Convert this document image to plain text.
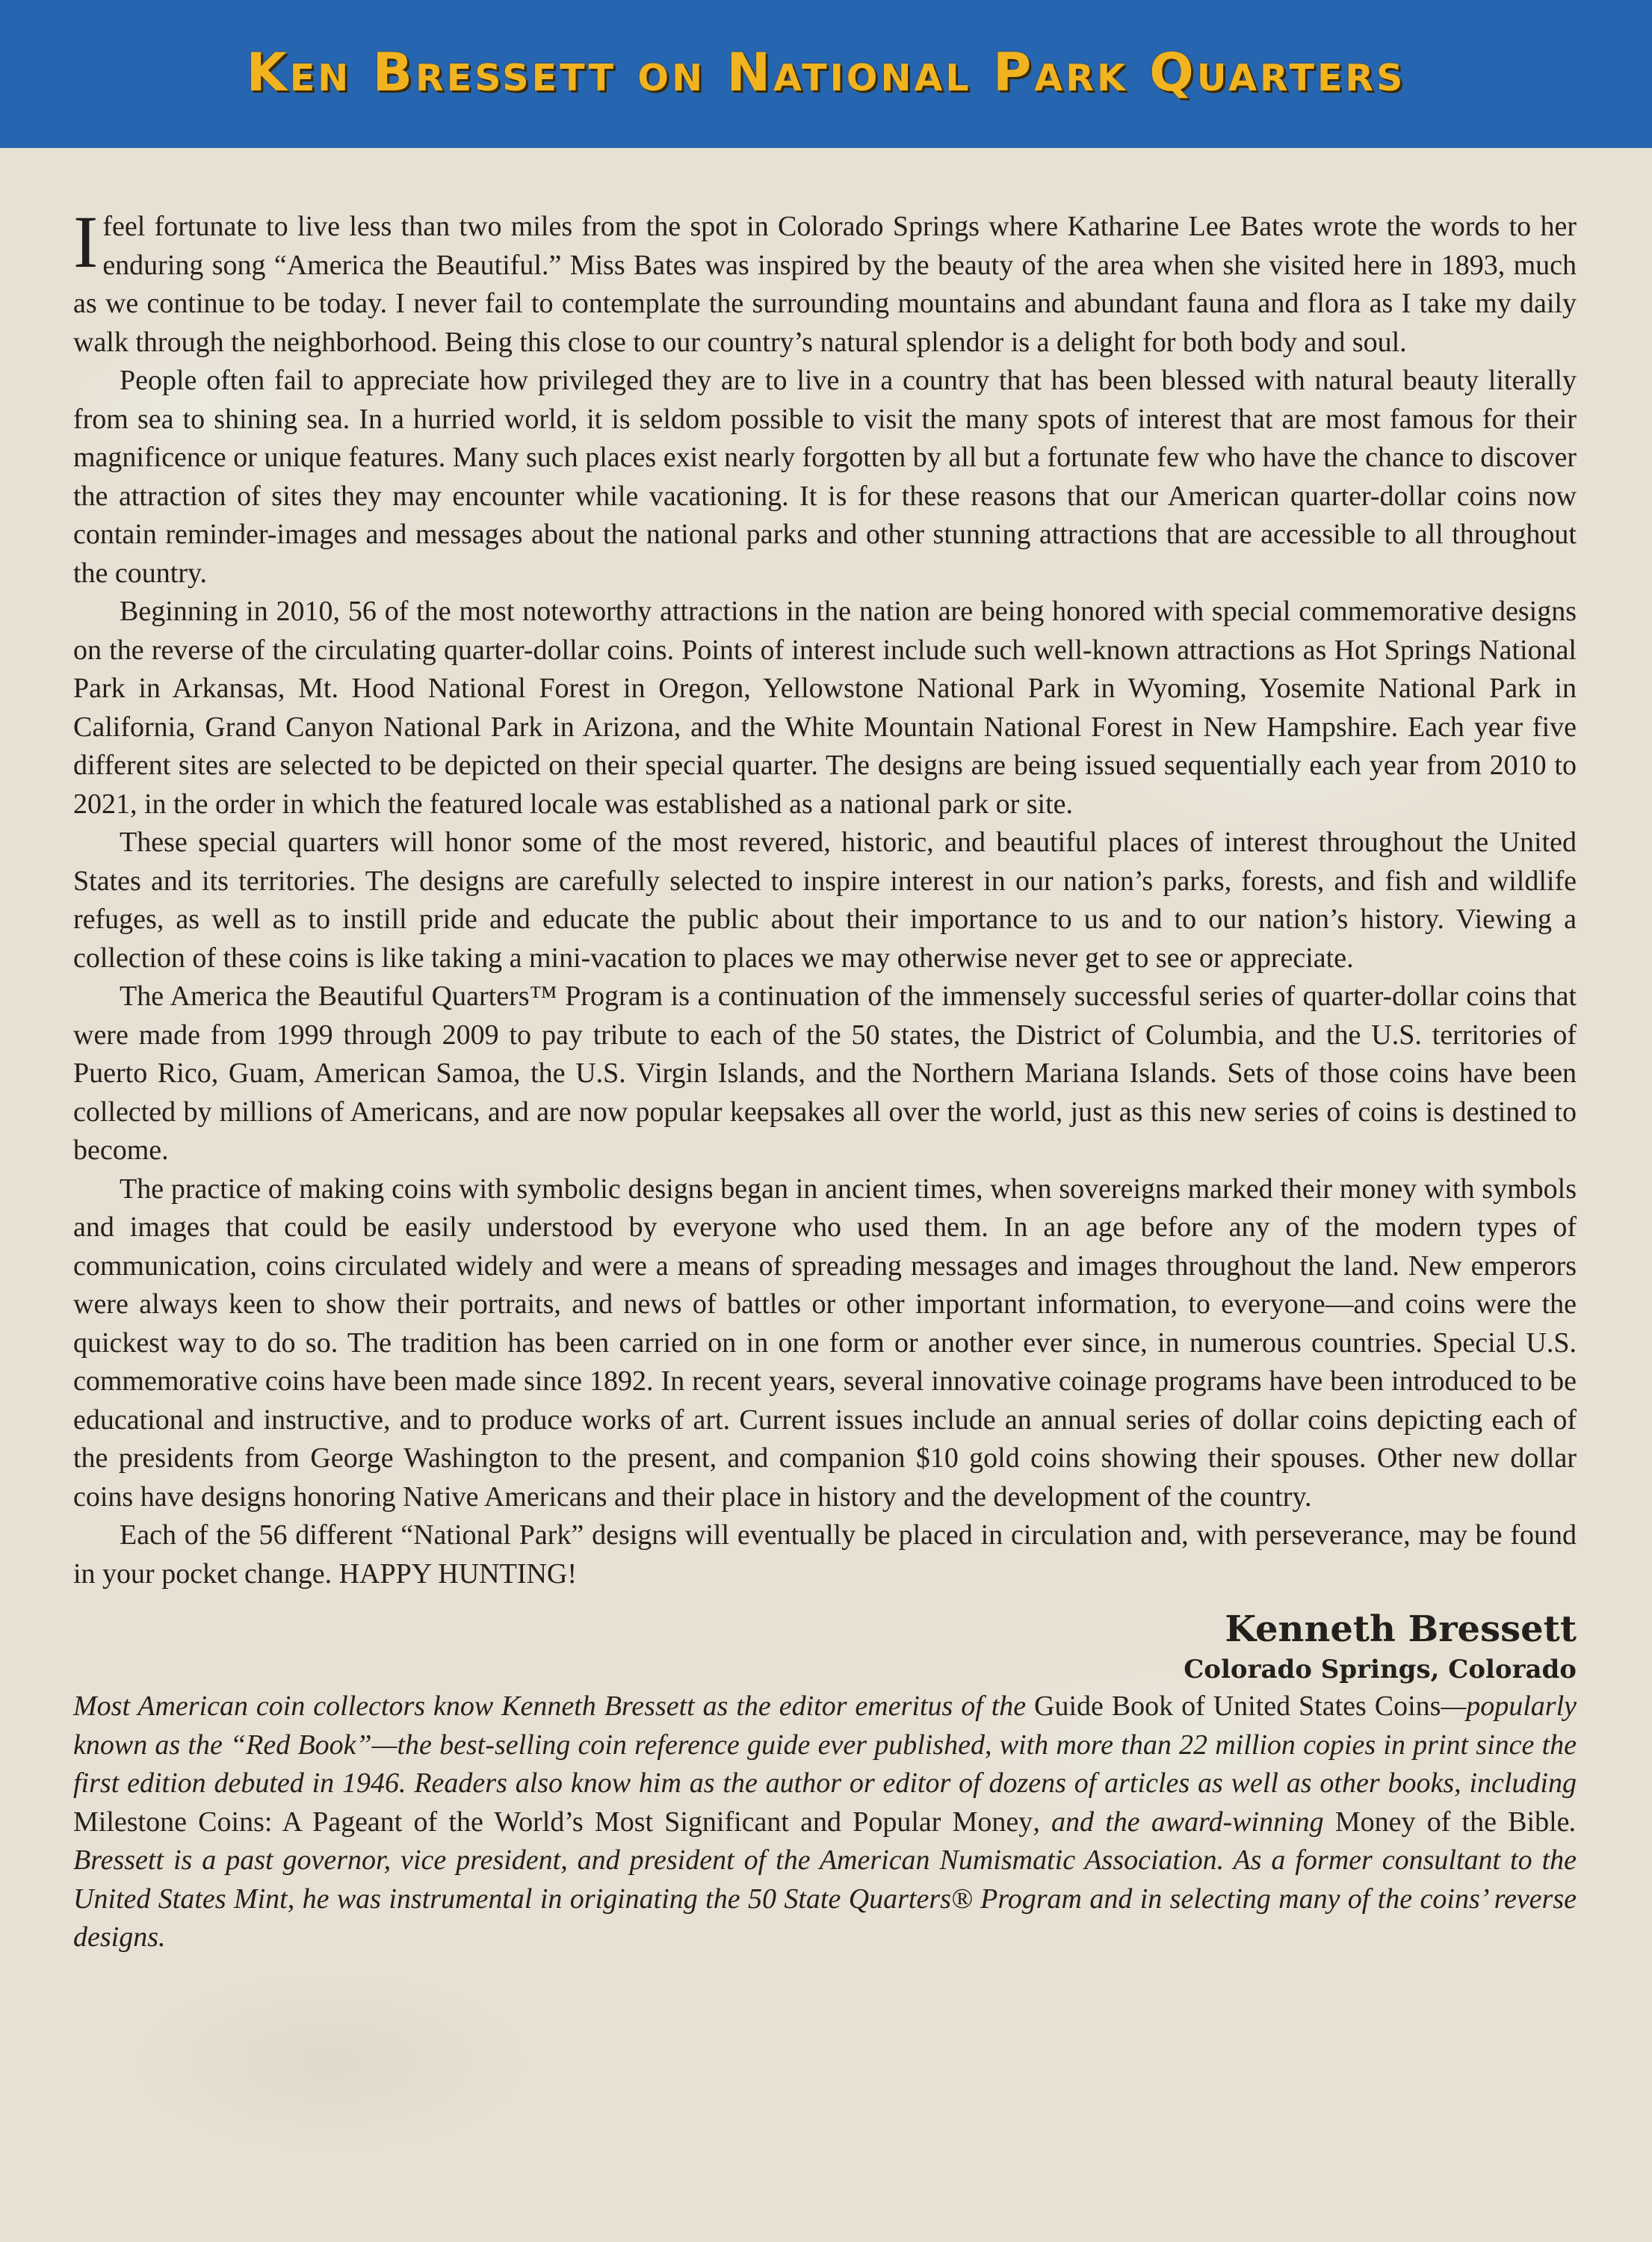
Ken Bressett on National Park Quarters

I feel fortunate to live less than two miles from the spot in Colorado Springs where Katharine Lee Bates wrote the words to her enduring song “America the Beautiful.” Miss Bates was inspired by the beauty of the area when she visited here in 1893, much as we continue to be today. I never fail to contemplate the surrounding mountains and abundant fauna and flora as I take my daily walk through the neighborhood. Being this close to our country’s natural splendor is a delight for both body and soul.

People often fail to appreciate how privileged they are to live in a country that has been blessed with natural beauty literally from sea to shining sea. In a hurried world, it is seldom possible to visit the many spots of interest that are most famous for their magnificence or unique features. Many such places exist nearly forgotten by all but a fortunate few who have the chance to discover the attraction of sites they may encounter while vacationing. It is for these reasons that our American quarter-dollar coins now contain reminder-images and messages about the national parks and other stunning attractions that are accessible to all throughout the country.

Beginning in 2010, 56 of the most noteworthy attractions in the nation are being honored with special commemorative designs on the reverse of the circulating quarter-dollar coins. Points of interest include such well-known attractions as Hot Springs National Park in Arkansas, Mt. Hood National Forest in Oregon, Yellowstone National Park in Wyoming, Yosemite National Park in California, Grand Canyon National Park in Arizona, and the White Mountain National Forest in New Hampshire. Each year five different sites are selected to be depicted on their special quarter. The designs are being issued sequentially each year from 2010 to 2021, in the order in which the featured locale was established as a national park or site.

These special quarters will honor some of the most revered, historic, and beautiful places of interest throughout the United States and its territories. The designs are carefully selected to inspire interest in our nation’s parks, forests, and fish and wildlife refuges, as well as to instill pride and educate the public about their importance to us and to our nation’s history. Viewing a collection of these coins is like taking a mini-vacation to places we may otherwise never get to see or appreciate.

The America the Beautiful Quarters™ Program is a continuation of the immensely successful series of quarter-dollar coins that were made from 1999 through 2009 to pay tribute to each of the 50 states, the District of Columbia, and the U.S. territories of Puerto Rico, Guam, American Samoa, the U.S. Virgin Islands, and the Northern Mariana Islands. Sets of those coins have been collected by millions of Americans, and are now popular keepsakes all over the world, just as this new series of coins is destined to become.

The practice of making coins with symbolic designs began in ancient times, when sovereigns marked their money with symbols and images that could be easily understood by everyone who used them. In an age before any of the modern types of communication, coins circulated widely and were a means of spreading messages and images throughout the land. New emperors were always keen to show their portraits, and news of battles or other important information, to everyone—and coins were the quickest way to do so. The tradition has been carried on in one form or another ever since, in numerous countries. Special U.S. commemorative coins have been made since 1892. In recent years, several innovative coinage programs have been introduced to be educational and instructive, and to produce works of art. Current issues include an annual series of dollar coins depicting each of the presidents from George Washington to the present, and companion $10 gold coins showing their spouses. Other new dollar coins have designs honoring Native Americans and their place in history and the development of the country.

Each of the 56 different “National Park” designs will eventually be placed in circulation and, with perseverance, may be found in your pocket change. HAPPY HUNTING!

Kenneth Bressett
Colorado Springs, Colorado

Most American coin collectors know Kenneth Bressett as the editor emeritus of the Guide Book of United States Coins—popularly known as the “Red Book”—the best-selling coin reference guide ever published, with more than 22 million copies in print since the first edition debuted in 1946. Readers also know him as the author or editor of dozens of articles as well as other books, including Milestone Coins: A Pageant of the World’s Most Significant and Popular Money, and the award-winning Money of the Bible. Bressett is a past governor, vice president, and president of the American Numismatic Association. As a former consultant to the United States Mint, he was instrumental in originating the 50 State Quarters® Program and in selecting many of the coins’ reverse designs.
